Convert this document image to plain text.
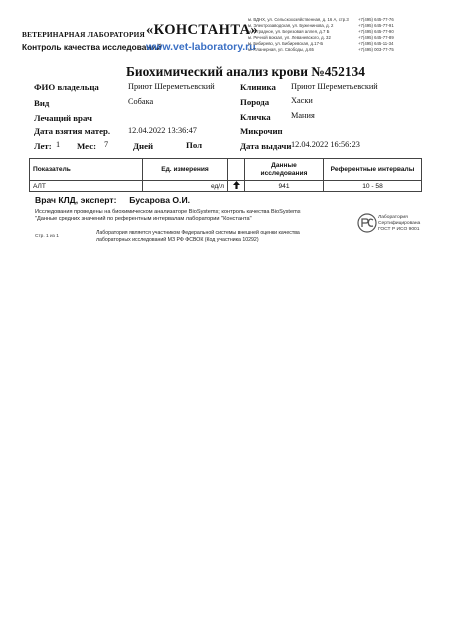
ВЕТЕРИНАРНАЯ ЛАБОРАТОРИЯ «КОНСТАНТА»
Контроль качества исследований
www.vet-laboratory.ru
м. ВДНХ, ул. Сельскохозяйственная, д. 16 А, стр.3 +7(495) 645-77-76
м. Электрозаводская, ул. Буженинова, д. 2	+7(495) 645-77-91
м. Отрадное, ул. Березовая аллея, д.7 Б	+7(495) 645-77-90
м. Речной вокзал, ул. Леваневского, д. 32	+7(495) 645-77-89
м. Бибирево, ул. Бибиревская, д.17-Б	+7(495) 645-11-34
м. Планерная, ул. Свободы, д.65	+7(495) 003-77-75
Биохимический анализ крови №452134
ФИО владельца	Приют Шереметьевский	Клиника Приют Шереметьевский
Вид	Собака	Порода	Хаски
Лечащий врач	Кличка Мания
Дата взятия матер. 12.04.2022 13:36:47	Микрочип
Лет: 1 Мес: 7	Дней	Пол	Дата выдачи 12.04.2022 16:56:23
Показатель	Ед. измерения		Данные исследования	Референтные интервалы
АЛТ	ед/л		941	10 - 58
Врач КЛД, эксперт: Бусарова О.И.
Исследования проведены на биохимическом анализаторе BioSystems; контроль качества BioSystems
"Данные средних значений по референтным интервалам лаборатории "Константа"
Стр. 1 из 1
Лаборатория является участником Федеральной системы внешней оценки качества
лабораторных исследований МЗ РФ ФСВОК (Код участника 10292)
Лаборатория
Сертифицирована
ГОСТ Р ИСО 9001
